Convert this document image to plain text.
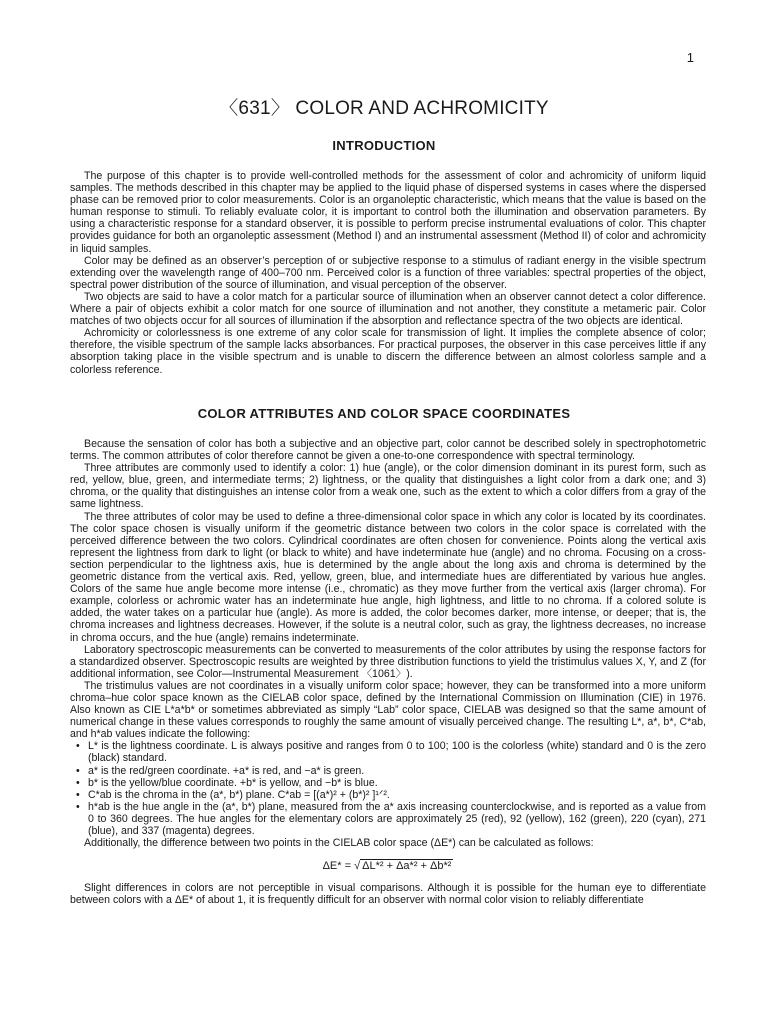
1
〈631〉 COLOR AND ACHROMICITY
INTRODUCTION

The purpose of this chapter is to provide well-controlled methods for the assessment of color and achromicity of uniform liquid samples. The methods described in this chapter may be applied to the liquid phase of dispersed systems in cases where the dispersed phase can be removed prior to color measurements. Color is an organoleptic characteristic, which means that the value is based on the human response to stimuli. To reliably evaluate color, it is important to control both the illumination and observation parameters. By using a characteristic response for a standard observer, it is possible to perform precise instrumental evaluations of color. This chapter provides guidance for both an organoleptic assessment (Method I) and an instrumental assessment (Method II) of color and achromicity in liquid samples.

Color may be defined as an observer’s perception of or subjective response to a stimulus of radiant energy in the visible spectrum extending over the wavelength range of 400–700 nm. Perceived color is a function of three variables: spectral properties of the object, spectral power distribution of the source of illumination, and visual perception of the observer.

Two objects are said to have a color match for a particular source of illumination when an observer cannot detect a color difference. Where a pair of objects exhibit a color match for one source of illumination and not another, they constitute a metameric pair. Color matches of two objects occur for all sources of illumination if the absorption and reflectance spectra of the two objects are identical.

Achromicity or colorlessness is one extreme of any color scale for transmission of light. It implies the complete absence of color; therefore, the visible spectrum of the sample lacks absorbances. For practical purposes, the observer in this case perceives little if any absorption taking place in the visible spectrum and is unable to discern the difference between an almost colorless sample and a colorless reference.

COLOR ATTRIBUTES AND COLOR SPACE COORDINATES

Because the sensation of color has both a subjective and an objective part, color cannot be described solely in spectrophotometric terms. The common attributes of color therefore cannot be given a one-to-one correspondence with spectral terminology.

Three attributes are commonly used to identify a color: 1) hue (angle), or the color dimension dominant in its purest form, such as red, yellow, blue, green, and intermediate terms; 2) lightness, or the quality that distinguishes a light color from a dark one; and 3) chroma, or the quality that distinguishes an intense color from a weak one, such as the extent to which a color differs from a gray of the same lightness.

The three attributes of color may be used to define a three-dimensional color space in which any color is located by its coordinates. The color space chosen is visually uniform if the geometric distance between two colors in the color space is correlated with the perceived difference between the two colors. Cylindrical coordinates are often chosen for convenience. Points along the vertical axis represent the lightness from dark to light (or black to white) and have indeterminate hue (angle) and no chroma. Focusing on a cross-section perpendicular to the lightness axis, hue is determined by the angle about the long axis and chroma is determined by the geometric distance from the vertical axis. Red, yellow, green, blue, and intermediate hues are differentiated by various hue angles. Colors of the same hue angle become more intense (i.e., chromatic) as they move further from the vertical axis (larger chroma). For example, colorless or achromic water has an indeterminate hue angle, high lightness, and little to no chroma. If a colored solute is added, the water takes on a particular hue (angle). As more is added, the color becomes darker, more intense, or deeper; that is, the chroma increases and lightness decreases. However, if the solute is a neutral color, such as gray, the lightness decreases, no increase in chroma occurs, and the hue (angle) remains indeterminate.

Laboratory spectroscopic measurements can be converted to measurements of the color attributes by using the response factors for a standardized observer. Spectroscopic results are weighted by three distribution functions to yield the tristimulus values X, Y, and Z (for additional information, see Color—Instrumental Measurement 〈1061〉).

The tristimulus values are not coordinates in a visually uniform color space; however, they can be transformed into a more uniform chroma–hue color space known as the CIELAB color space, defined by the International Commission on Illumination (CIE) in 1976. Also known as CIE L*a*b* or sometimes abbreviated as simply “Lab” color space, CIELAB was designed so that the same amount of numerical change in these values corresponds to roughly the same amount of visually perceived change. The resulting L*, a*, b*, C*ab, and h*ab values indicate the following:

• L* is the lightness coordinate. L is always positive and ranges from 0 to 100; 100 is the colorless (white) standard and 0 is the zero (black) standard.
• a* is the red/green coordinate. +a* is red, and −a* is green.
• b* is the yellow/blue coordinate. +b* is yellow, and −b* is blue.
• C*ab is the chroma in the (a*, b*) plane. C*ab = [(a*)² + (b*)² ]¹ᐟ².
• h*ab is the hue angle in the (a*, b*) plane, measured from the a* axis increasing counterclockwise, and is reported as a value from 0 to 360 degrees. The hue angles for the elementary colors are approximately 25 (red), 92 (yellow), 162 (green), 220 (cyan), 271 (blue), and 337 (magenta) degrees.

Additionally, the difference between two points in the CIELAB color space (ΔE*) can be calculated as follows:

ΔE* = √ ΔL*² + Δa*² + Δb*²

Slight differences in colors are not perceptible in visual comparisons. Although it is possible for the human eye to differentiate between colors with a ΔE* of about 1, it is frequently difficult for an observer with normal color vision to reliably differentiate
